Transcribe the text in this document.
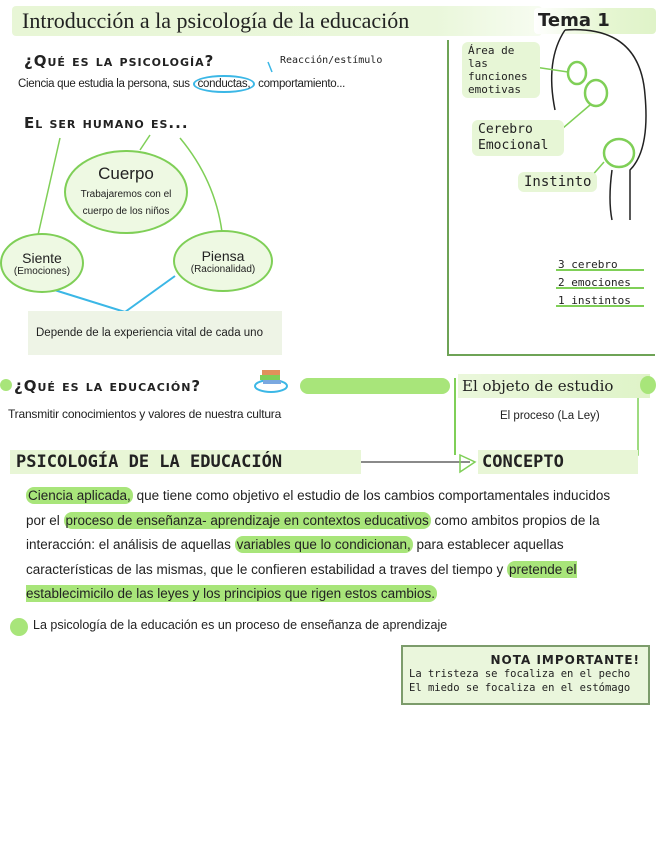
Introducción a la psicología de la educación	Tema 1
¿Qué es la psicología?	Reacción/estímulo
Ciencia que estudia la persona, sus conductas, comportamiento...
El ser humano es...
Cuerpo
Trabajaremos con el cuerpo de los niños
Siente
(Emociones)
Piensa
(Racionalidad)
Depende de la experiencia vital de cada uno
Área de las funciones emotivas
Cerebro Emocional
Instinto
3 cerebro
2 emociones
1 instintos
¿Qué es la educación?	El objeto de estudio
Transmitir conocimientos y valores de nuestra cultura	El proceso (La Ley)
PSICOLOGÍA DE LA EDUCACIÓN	CONCEPTO
Ciencia aplicada, que tiene como objetivo el estudio de los cambios comportamentales inducidos por el proceso de enseñanza- aprendizaje en contextos educativos como ambitos propios de la interacción: el análisis de aquellas variables que lo condicionan, para establecer aquellas características de las mismas, que le confieren estabilidad a traves del tiempo y pretende el establecimicilo de las leyes y los principios que rigen estos cambios.
La psicología de la educación es un proceso de enseñanza de aprendizaje
NOTA IMPORTANTE!
La tristeza se focaliza en el pecho
El miedo se focaliza en el estómago
